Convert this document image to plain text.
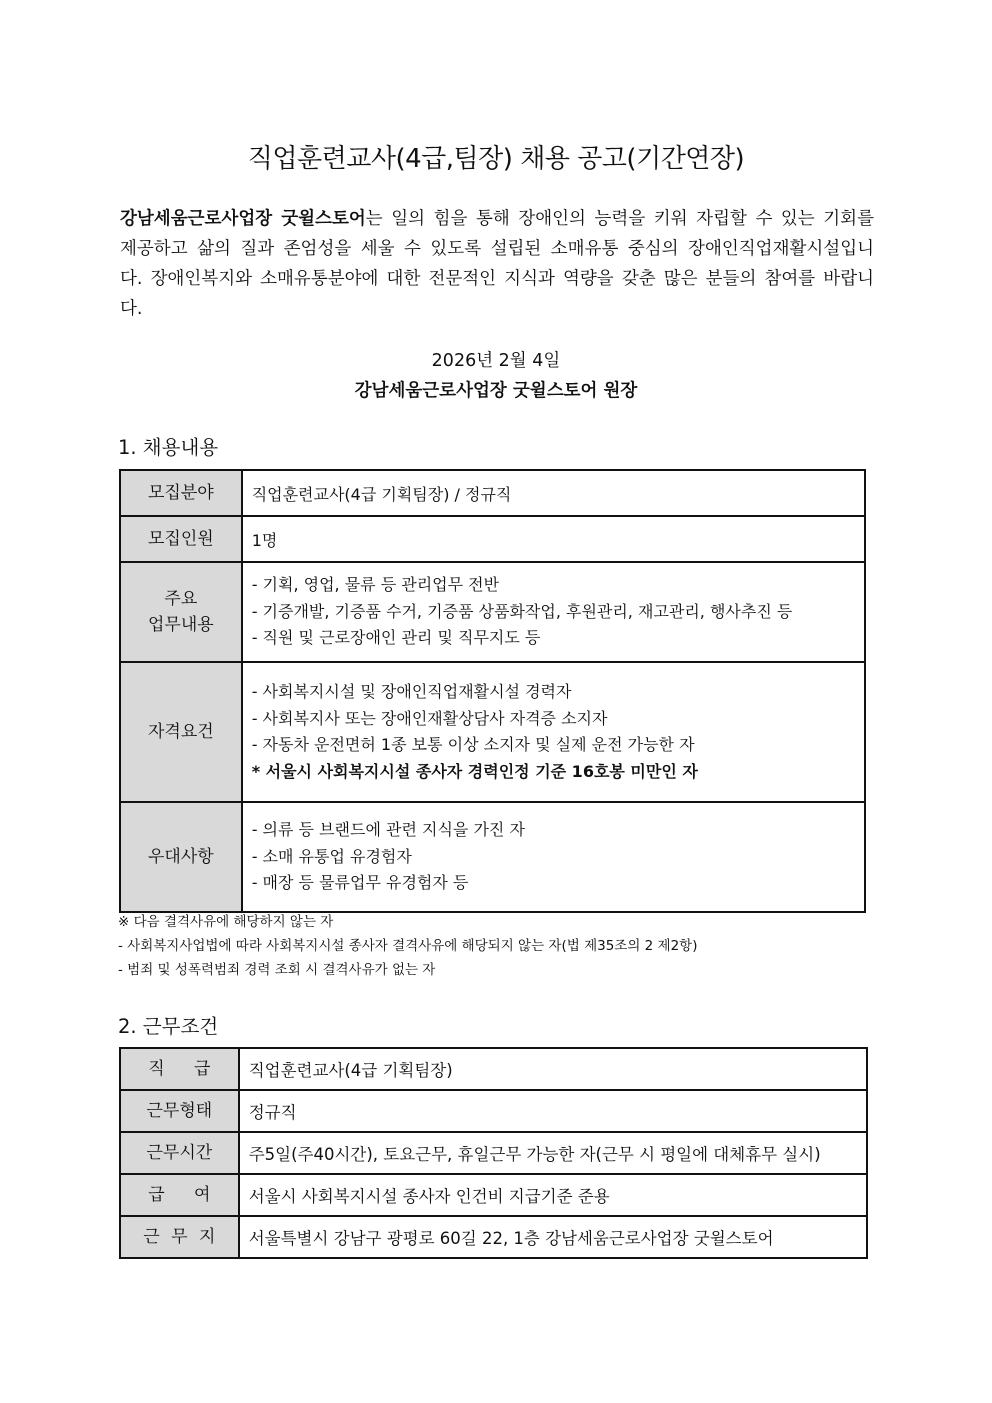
직업훈련교사(4급,팀장) 채용 공고(기간연장)
강남세움근로사업장 굿윌스토어는 일의 힘을 통해 장애인의 능력을 키워 자립할 수 있는 기회를 제공하고 삶의 질과 존엄성을 세울 수 있도록 설립된 소매유통 중심의 장애인직업재활시설입니다. 장애인복지와 소매유통분야에 대한 전문적인 지식과 역량을 갖춘 많은 분들의 참여를 바랍니다.
2026년 2월 4일
강남세움근로사업장 굿윌스토어 원장
1. 채용내용
모집분야	직업훈련교사(4급 기획팀장) / 정규직
모집인원	1명

주요
업무내용	- 기획, 영업, 물류 등 관리업무 전반
- 기증개발, 기증품 수거, 기증품 상품화작업, 후원관리, 재고관리, 행사추진 등
- 직원 및 근로장애인 관리 및 직무지도 등

자격요건	- 사회복지시설 및 장애인직업재활시설 경력자
- 사회복지사 또는 장애인재활상담사 자격증 소지자
- 자동차 운전면허 1종 보통 이상 소지자 및 실제 운전 가능한 자
* 서울시 사회복지시설 종사자 경력인정 기준 16호봉 미만인 자

우대사항	- 의류 등 브랜드에 관련 지식을 가진 자
- 소매 유통업 유경험자
- 매장 등 물류업무 유경험자 등
※ 다음 결격사유에 해당하지 않는 자
- 사회복지사업법에 따라 사회복지시설 종사자 결격사유에 해당되지 않는 자(법 제35조의 2 제2항)
- 범죄 및 성폭력범죄 경력 조회 시 결격사유가 없는 자
2. 근무조건
직 급	직업훈련교사(4급 기획팀장)
근무형태	정규직
근무시간	주5일(주40시간), 토요근무, 휴일근무 가능한 자(근무 시 평일에 대체휴무 실시)
급 여	서울시 사회복지시설 종사자 인건비 지급기준 준용
근 무 지	서울특별시 강남구 광평로 60길 22, 1층 강남세움근로사업장 굿윌스토어
